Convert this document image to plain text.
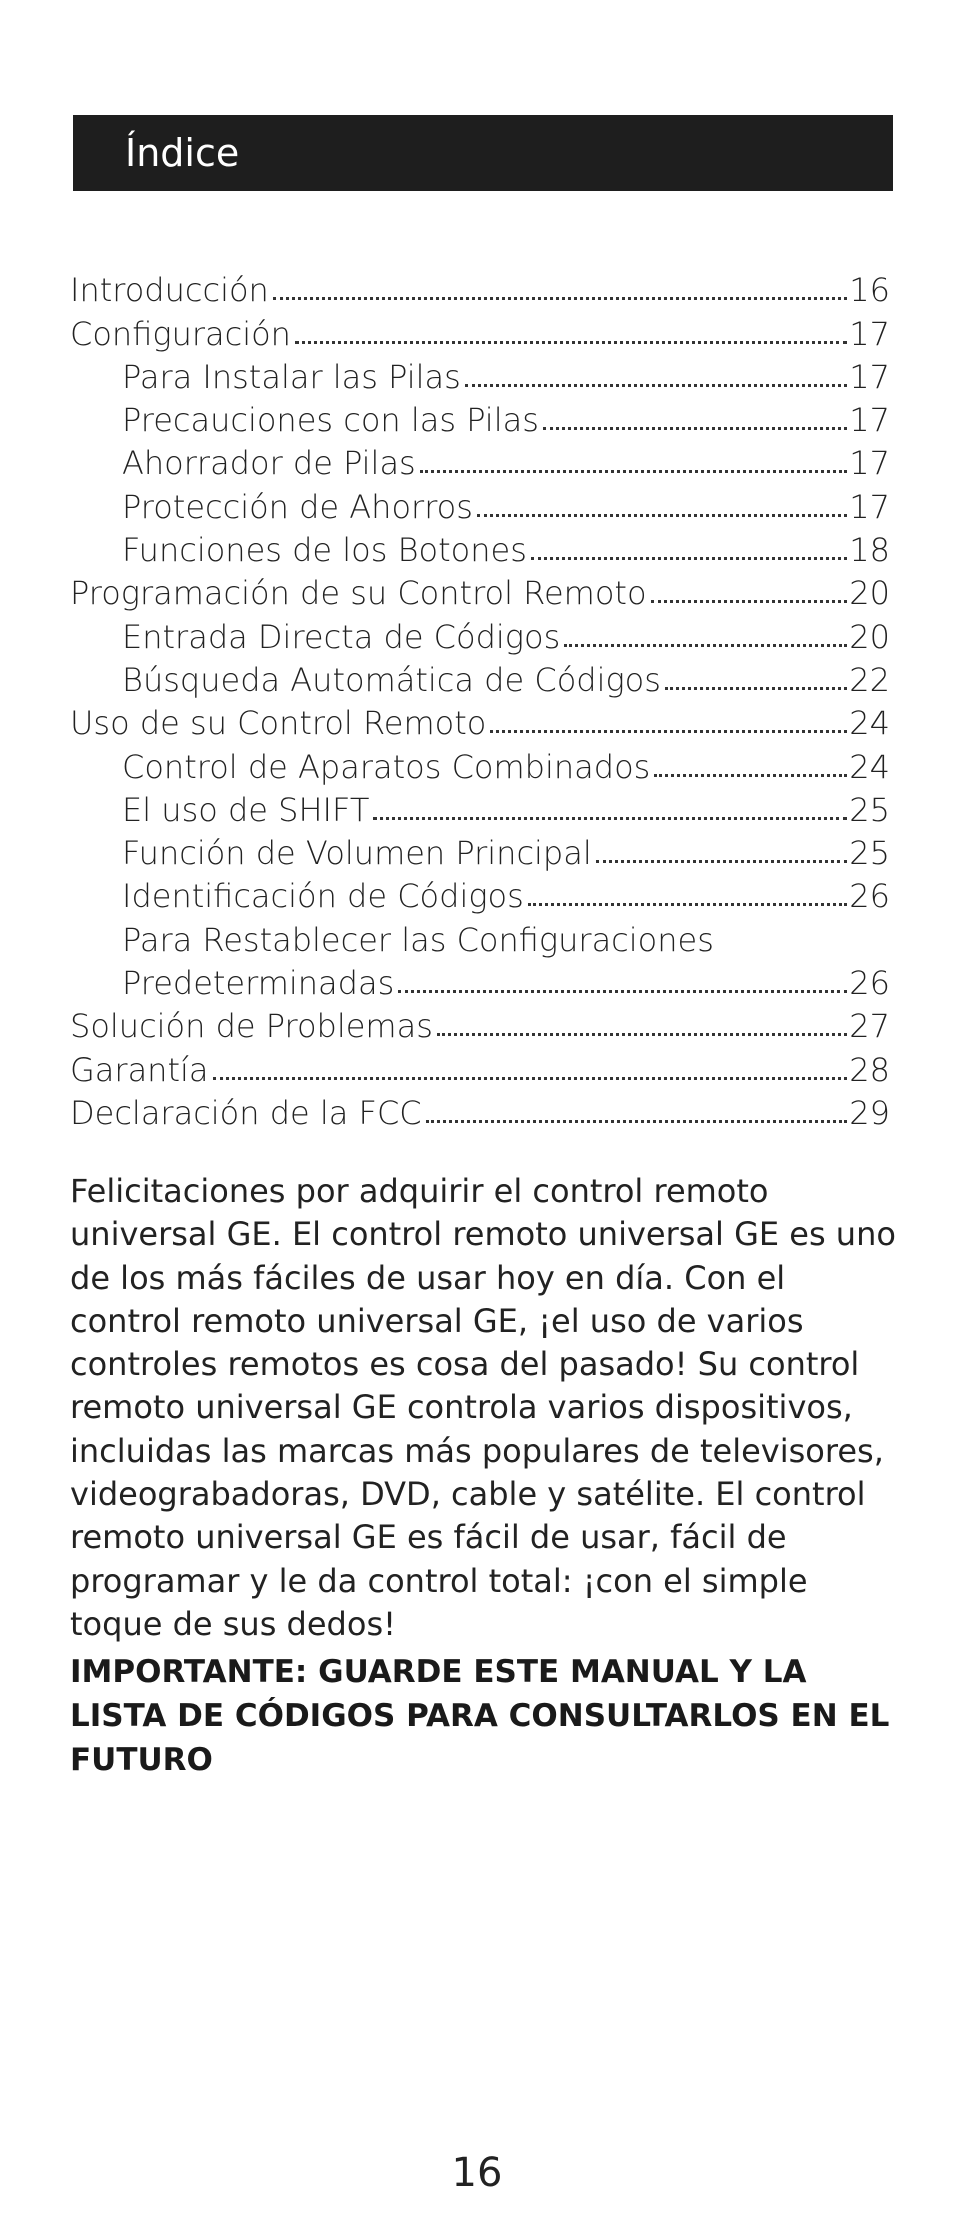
Índice
Introducción	16
Configuración	17
Para Instalar las Pilas	17
Precauciones con las Pilas	17
Ahorrador de Pilas	17
Protección de Ahorros	17
Funciones de los Botones	18
Programación de su Control Remoto	20
Entrada Directa de Códigos	20
Búsqueda Automática de Códigos	22
Uso de su Control Remoto	24
Control de Aparatos Combinados	24
El uso de SHIFT	25
Función de Volumen Principal	25
Identificación de Códigos	26
Para Restablecer las Configuraciones
Predeterminadas	26
Solución de Problemas	27
Garantía	28
Declaración de la FCC	29

Felicitaciones por adquirir el control remoto universal GE. El control remoto universal GE es uno de los más fáciles de usar hoy en día. Con el control remoto universal GE, ¡el uso de varios controles remotos es cosa del pasado! Su control remoto universal GE controla varios dispositivos, incluidas las marcas más populares de televisores, videograbadoras, DVD, cable y satélite. El control remoto universal GE es fácil de usar, fácil de programar y le da control total: ¡con el simple toque de sus dedos!

IMPORTANTE: GUARDE ESTE MANUAL Y LA LISTA DE CÓDIGOS PARA CONSULTARLOS EN EL FUTURO

16
